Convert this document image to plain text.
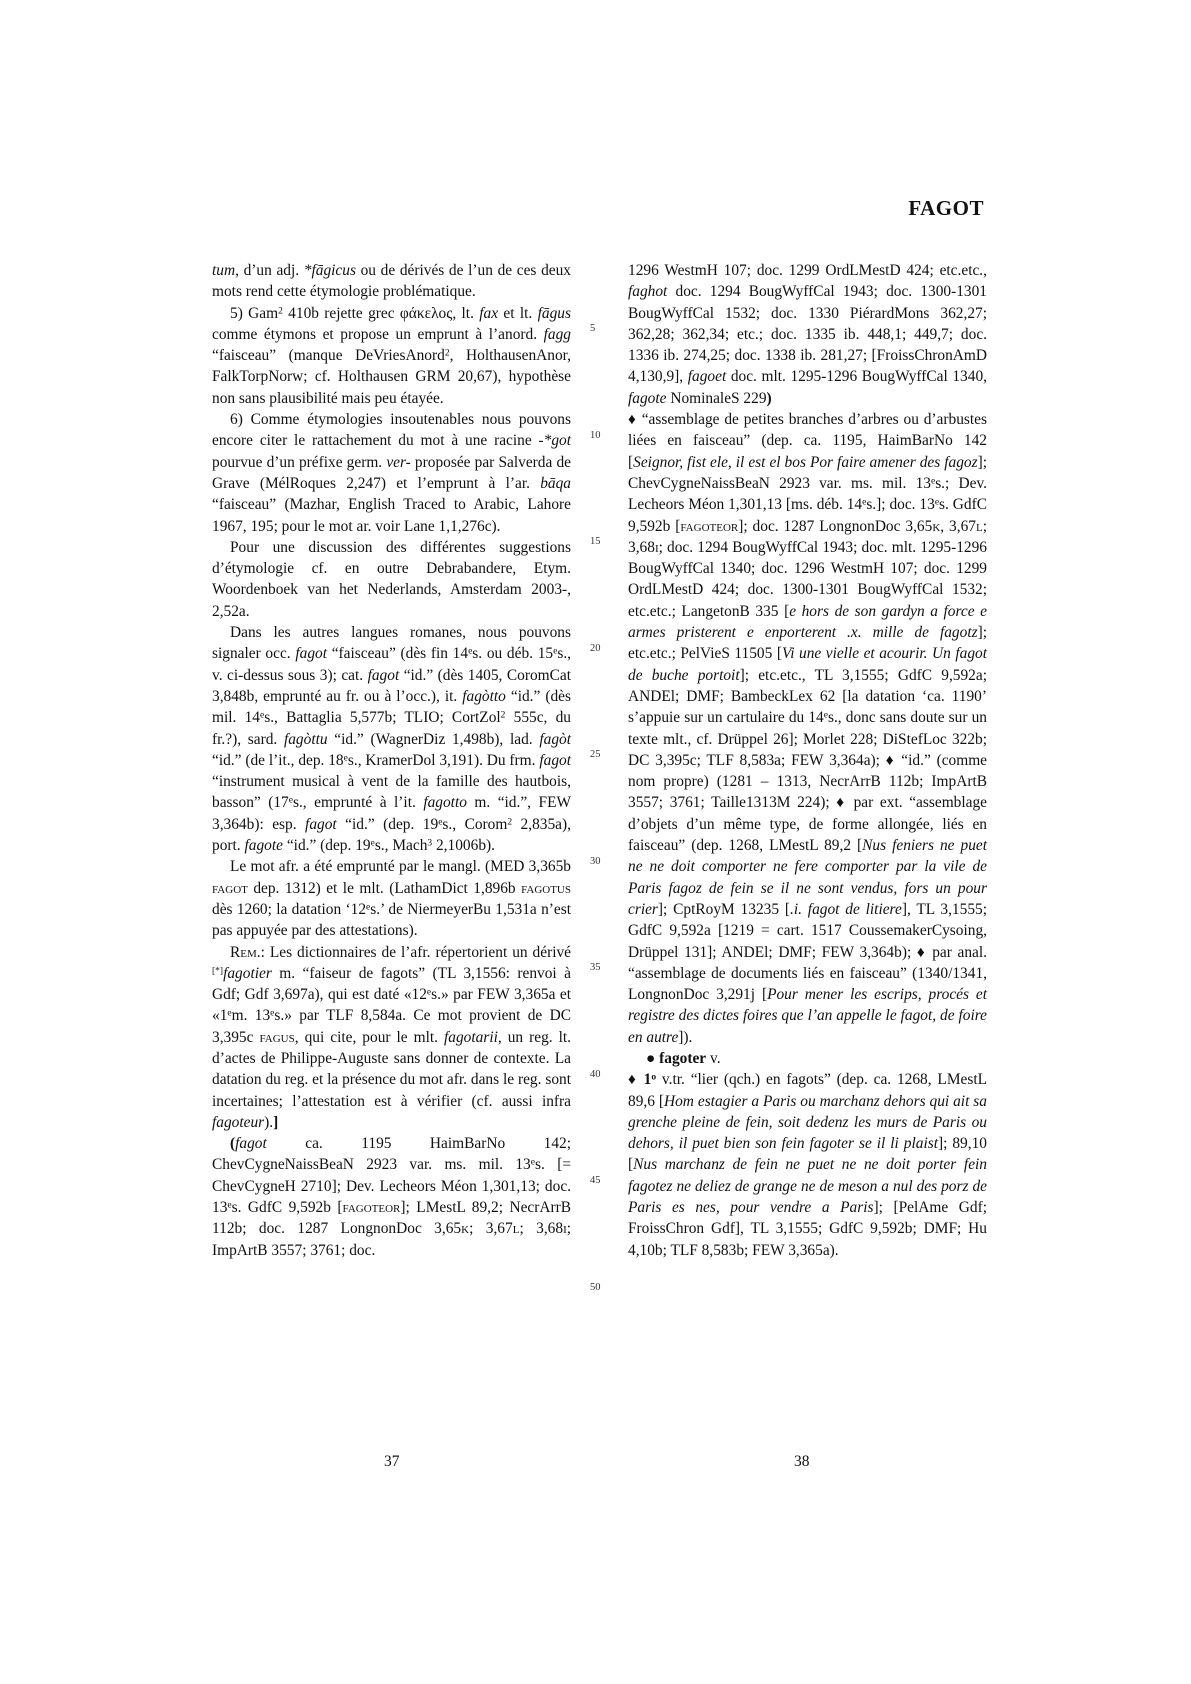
FAGOT

tum, d’un adj. *fāgicus ou de dérivés de l’un de ces deux mots rend cette étymologie problématique.

5) Gam$^2$ 410b rejette grec φάκελος, lt. fax et lt. fāgus comme étymons et propose un emprunt à l’anord. fagg “faisceau” (manque DeVriesAnord$^2$, HolthausenAnor, FalkTorpNorw; cf. Holthausen GRM 20,67), hypothèse non sans plausibilité mais peu étayée.

6) Comme étymologies insoutenables nous pouvons encore citer le rattachement du mot à une racine -*got pourvue d’un préfixe germ. ver- proposée par Salverda de Grave (MélRoques 2,247) et l’emprunt à l’ar. bāqa “faisceau” (Mazhar, English Traced to Arabic, Lahore 1967, 195; pour le mot ar. voir Lane 1,1,276c).

Pour une discussion des différentes suggestions d’étymologie cf. en outre Debrabandere, Etym. Woordenboek van het Nederlands, Amsterdam 2003-, 2,52a.

Dans les autres langues romanes, nous pouvons signaler occ. fagot “faisceau” (dès fin 14es. ou déb. 15es., v. ci-dessus sous 3); cat. fagot “id.” (dès 1405, CoromCat 3,848b, emprunté au fr. ou à l’occ.), it. fagòtto “id.” (dès mil. 14es., Battaglia 5,577b; TLIO; CortZol$^2$ 555c, du fr.?), sard. fagòttu “id.” (WagnerDiz 1,498b), lad. fagòt “id.” (de l’it., dep. 18es., KramerDol 3,191). Du frm. fagot “instrument musical à vent de la famille des hautbois, basson” (17es., emprunté à l’it. fagotto m. “id.”, FEW 3,364b): esp. fagot “id.” (dep. 19es., Corom$^2$ 2,835a), port. fagote “id.” (dep. 19es., Mach$^3$ 2,1006b).

Le mot afr. a été emprunté par le mangl. (MED 3,365b fagot dep. 1312) et le mlt. (LathamDict 1,896b fagotus dès 1260; la datation ‘12es.’ de NiermeyerBu 1,531a n’est pas appuyée par des attestations).

Rem.: Les dictionnaires de l’afr. répertorient un dérivé [*]fagotier m. “faiseur de fagots” (TL 3,1556: renvoi à Gdf; Gdf 3,697a), qui est daté «12es.» par FEW 3,365a et «1em. 13es.» par TLF 8,584a. Ce mot provient de DC 3,395c fagus, qui cite, pour le mlt. fagotarii, un reg. lt. d’actes de Philippe-Auguste sans donner de contexte. La datation du reg. et la présence du mot afr. dans le reg. sont incertaines; l’attestation est à vérifier (cf. aussi infra fagoteur).]

(fagot ca. 1195 HaimBarNo 142; ChevCygneNaissBeaN 2923 var. ms. mil. 13es. [= ChevCygneH 2710]; Dev. Lecheors Méon 1,301,13; doc. 13es. GdfC 9,592b [fagoteor]; LMestL 89,2; NecrArrB 112b; doc. 1287 LongnonDoc 3,65k; 3,67l; 3,68i; ImpArtB 3557; 3761; doc.

5
10
15
20
25
30
35
40
45
50

1296 WestmH 107; doc. 1299 OrdLMestD 424; etc.etc., faghot doc. 1294 BougWyffCal 1943; doc. 1300-1301 BougWyffCal 1532; doc. 1330 PiérardMons 362,27; 362,28; 362,34; etc.; doc. 1335 ib. 448,1; 449,7; doc. 1336 ib. 274,25; doc. 1338 ib. 281,27; [FroissChronAmD 4,130,9], fagoet doc. mlt. 1295-1296 BougWyffCal 1340, fagote NominaleS 229)

♦ “assemblage de petites branches d’arbres ou d’arbustes liées en faisceau” (dep. ca. 1195, HaimBarNo 142 [Seignor, fist ele, il est el bos Por faire amener des fagoz]; ChevCygneNaissBeaN 2923 var. ms. mil. 13es.; Dev. Lecheors Méon 1,301,13 [ms. déb. 14es.]; doc. 13es. GdfC 9,592b [fagoteor]; doc. 1287 LongnonDoc 3,65k, 3,67l; 3,68i; doc. 1294 BougWyffCal 1943; doc. mlt. 1295-1296 BougWyffCal 1340; doc. 1296 WestmH 107; doc. 1299 OrdLMestD 424; doc. 1300-1301 BougWyffCal 1532; etc.etc.; LangetonB 335 [e hors de son gardyn a force e armes pristerent e enporterent .x. mille de fagotz]; etc.etc.; PelVieS 11505 [Vi une vielle et acourir. Un fagot de buche portoit]; etc.etc., TL 3,1555; GdfC 9,592a; ANDEl; DMF; BambeckLex 62 [la datation ‘ca. 1190’ s’appuie sur un cartulaire du 14es., donc sans doute sur un texte mlt., cf. Drüppel 26]; Morlet 228; DiStefLoc 322b; DC 3,395c; TLF 8,583a; FEW 3,364a); ♦ “id.” (comme nom propre) (1281 – 1313, NecrArrB 112b; ImpArtB 3557; 3761; Taille1313M 224); ♦ par ext. “assemblage d’objets d’un même type, de forme allongée, liés en faisceau” (dep. 1268, LMestL 89,2 [Nus feniers ne puet ne ne doit comporter ne fere comporter par la vile de Paris fagoz de fein se il ne sont vendus, fors un pour crier]; CptRoyM 13235 [.i. fagot de litiere], TL 3,1555; GdfC 9,592a [1219 = cart. 1517 CoussemakerCysoing, Drüppel 131]; ANDEl; DMF; FEW 3,364b); ♦ par anal. “assemblage de documents liés en faisceau” (1340/1341, LongnonDoc 3,291j [Pour mener les escrips, procés et registre des dictes foires que l’an appelle le fagot, de foire en autre]).

● fagoter v.

♦ 1$^o$ v.tr. “lier (qch.) en fagots” (dep. ca. 1268, LMestL 89,6 [Hom estagier a Paris ou marchanz dehors qui ait sa grenche pleine de fein, soit dedenz les murs de Paris ou dehors, il puet bien son fein fagoter se il li plaist]; 89,10 [Nus marchanz de fein ne puet ne ne doit porter fein fagotez ne deliez de grange ne de meson a nul des porz de Paris es nes, pour vendre a Paris]; [PelAme Gdf; FroissChron Gdf], TL 3,1555; GdfC 9,592b; DMF; Hu 4,10b; TLF 8,583b; FEW 3,365a).

37	38
